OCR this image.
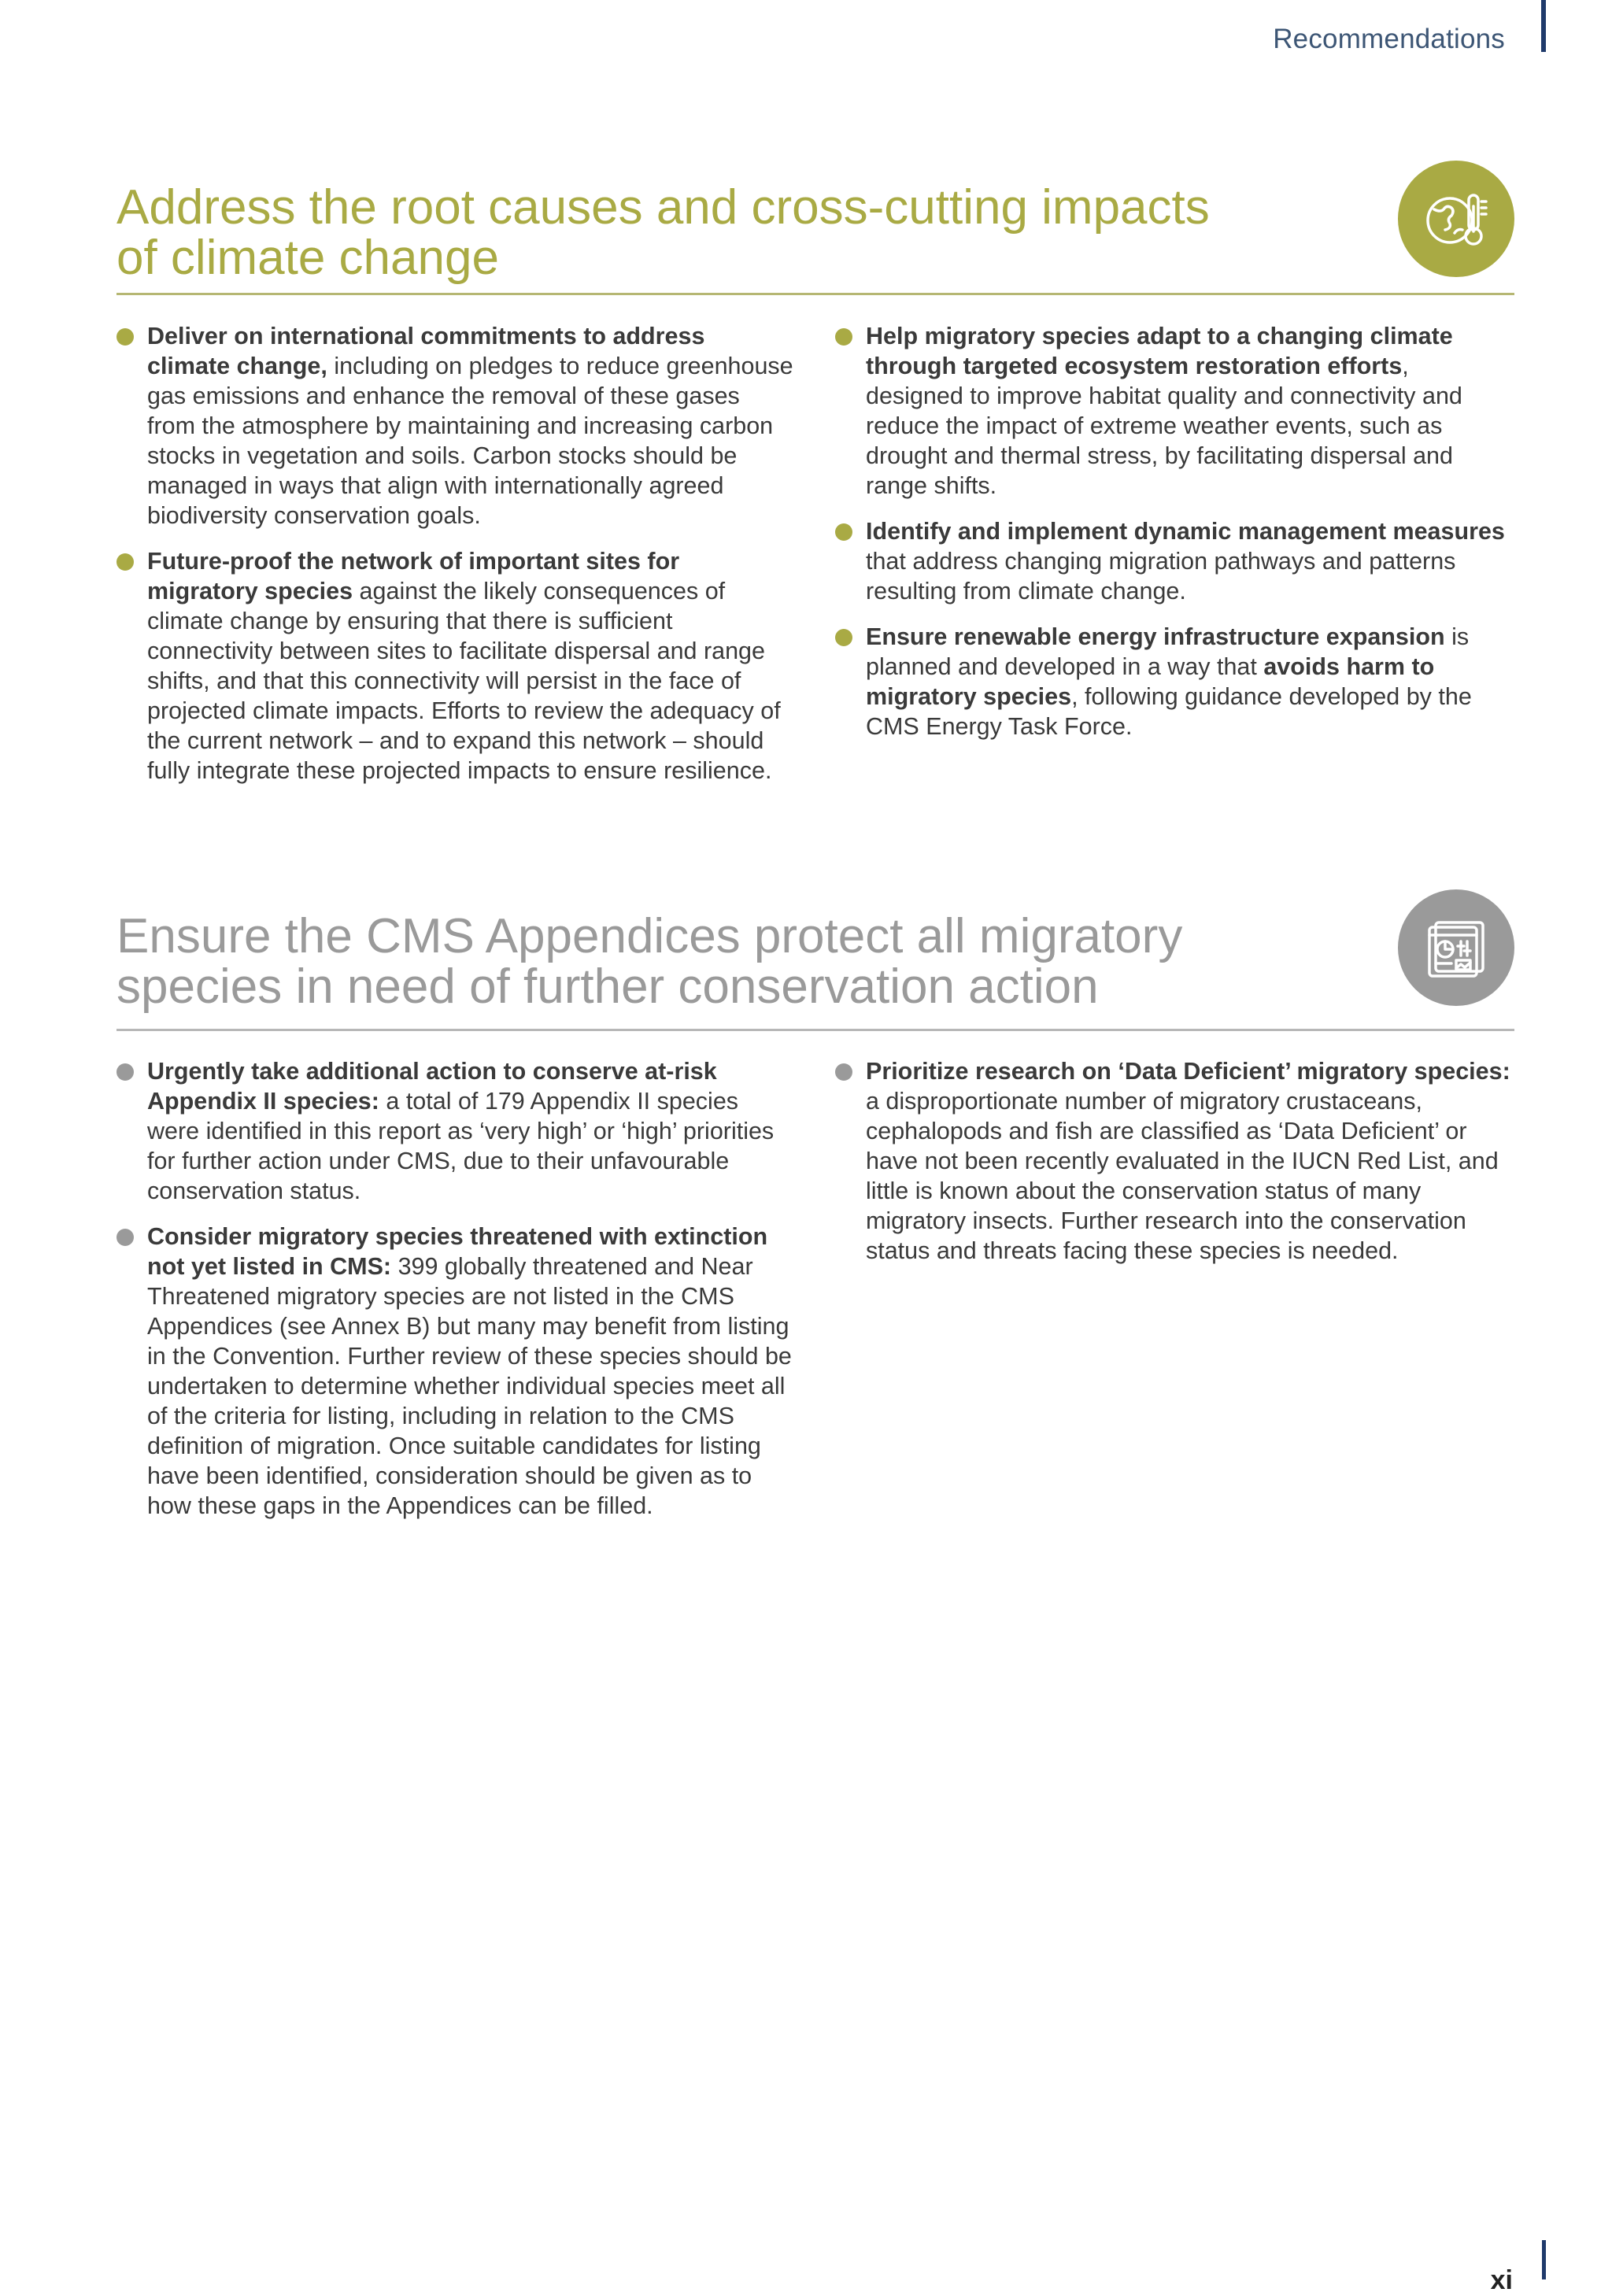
Recommendations
Address the root causes and cross-cutting impacts
of climate change
Deliver on international commitments to address climate change, including on pledges to reduce greenhouse gas emissions and enhance the removal of these gases from the atmosphere by maintaining and increasing carbon stocks in vegetation and soils. Carbon stocks should be managed in ways that align with internationally agreed biodiversity conservation goals.
Future-proof the network of important sites for migratory species against the likely consequences of climate change by ensuring that there is sufficient connectivity between sites to facilitate dispersal and range shifts, and that this connectivity will persist in the face of projected climate impacts. Efforts to review the adequacy of the current network – and to expand this network – should fully integrate these projected impacts to ensure resilience.
Help migratory species adapt to a changing climate through targeted ecosystem restoration efforts, designed to improve habitat quality and connectivity and reduce the impact of extreme weather events, such as drought and thermal stress, by facilitating dispersal and range shifts.
Identify and implement dynamic management measures that address changing migration pathways and patterns resulting from climate change.
Ensure renewable energy infrastructure expansion is planned and developed in a way that avoids harm to migratory species, following guidance developed by the CMS Energy Task Force.
Ensure the CMS Appendices protect all migratory
species in need of further conservation action
Urgently take additional action to conserve at-risk Appendix II species: a total of 179 Appendix II species were identified in this report as ‘very high’ or ‘high’ priorities for further action under CMS, due to their unfavourable conservation status.
Consider migratory species threatened with extinction not yet listed in CMS: 399 globally threatened and Near Threatened migratory species are not listed in the CMS Appendices (see Annex B) but many may benefit from listing in the Convention. Further review of these species should be undertaken to determine whether individual species meet all of the criteria for listing, including in relation to the CMS definition of migration. Once suitable candidates for listing have been identified, consideration should be given as to how these gaps in the Appendices can be filled.
Prioritize research on ‘Data Deficient’ migratory species: a disproportionate number of migratory crustaceans, cephalopods and fish are classified as ‘Data Deficient’ or have not been recently evaluated in the IUCN Red List, and little is known about the conservation status of many migratory insects. Further research into the conservation status and threats facing these species is needed.
xi
